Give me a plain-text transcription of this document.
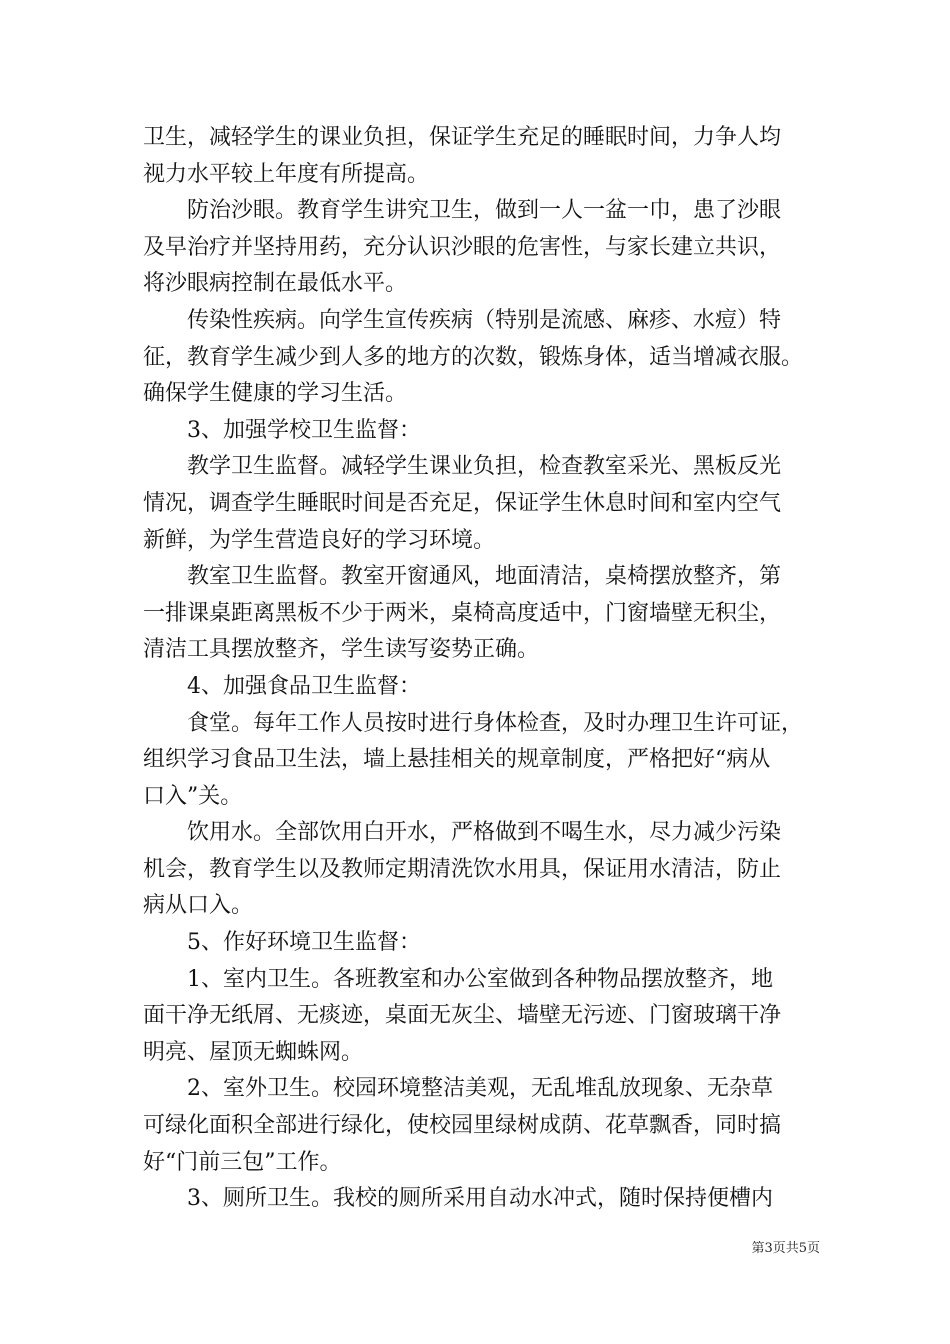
卫生，减轻学生的课业负担，保证学生充足的睡眠时间，力争人均
视力水平较上年度有所提高。

　　防治沙眼。教育学生讲究卫生，做到一人一盆一巾，患了沙眼
及早治疗并坚持用药，充分认识沙眼的危害性，与家长建立共识，
将沙眼病控制在最低水平。

　　传染性疾病。向学生宣传疾病（特别是流感、麻疹、水痘）特
征，教育学生减少到人多的地方的次数，锻炼身体，适当增减衣服。
确保学生健康的学习生活。

　　3、加强学校卫生监督：

　　教学卫生监督。减轻学生课业负担，检查教室采光、黑板反光
情况，调查学生睡眠时间是否充足，保证学生休息时间和室内空气
新鲜，为学生营造良好的学习环境。

　　教室卫生监督。教室开窗通风，地面清洁，桌椅摆放整齐，第
一排课桌距离黑板不少于两米，桌椅高度适中，门窗墙壁无积尘，
清洁工具摆放整齐，学生读写姿势正确。

　　4、加强食品卫生监督：

　　食堂。每年工作人员按时进行身体检查，及时办理卫生许可证，
组织学习食品卫生法，墙上悬挂相关的规章制度，严格把好“病从
口入”关。

　　饮用水。全部饮用白开水，严格做到不喝生水，尽力减少污染
机会，教育学生以及教师定期清洗饮水用具，保证用水清洁，防止
病从口入。

　　5、作好环境卫生监督：

　　1、室内卫生。各班教室和办公室做到各种物品摆放整齐，地
面干净无纸屑、无痰迹，桌面无灰尘、墙壁无污迹、门窗玻璃干净
明亮、屋顶无蜘蛛网。

　　2、室外卫生。校园环境整洁美观，无乱堆乱放现象、无杂草
可绿化面积全部进行绿化，使校园里绿树成荫、花草飘香，同时搞
好“门前三包”工作。

　　3、厕所卫生。我校的厕所采用自动水冲式，随时保持便槽内

第3页共5页
